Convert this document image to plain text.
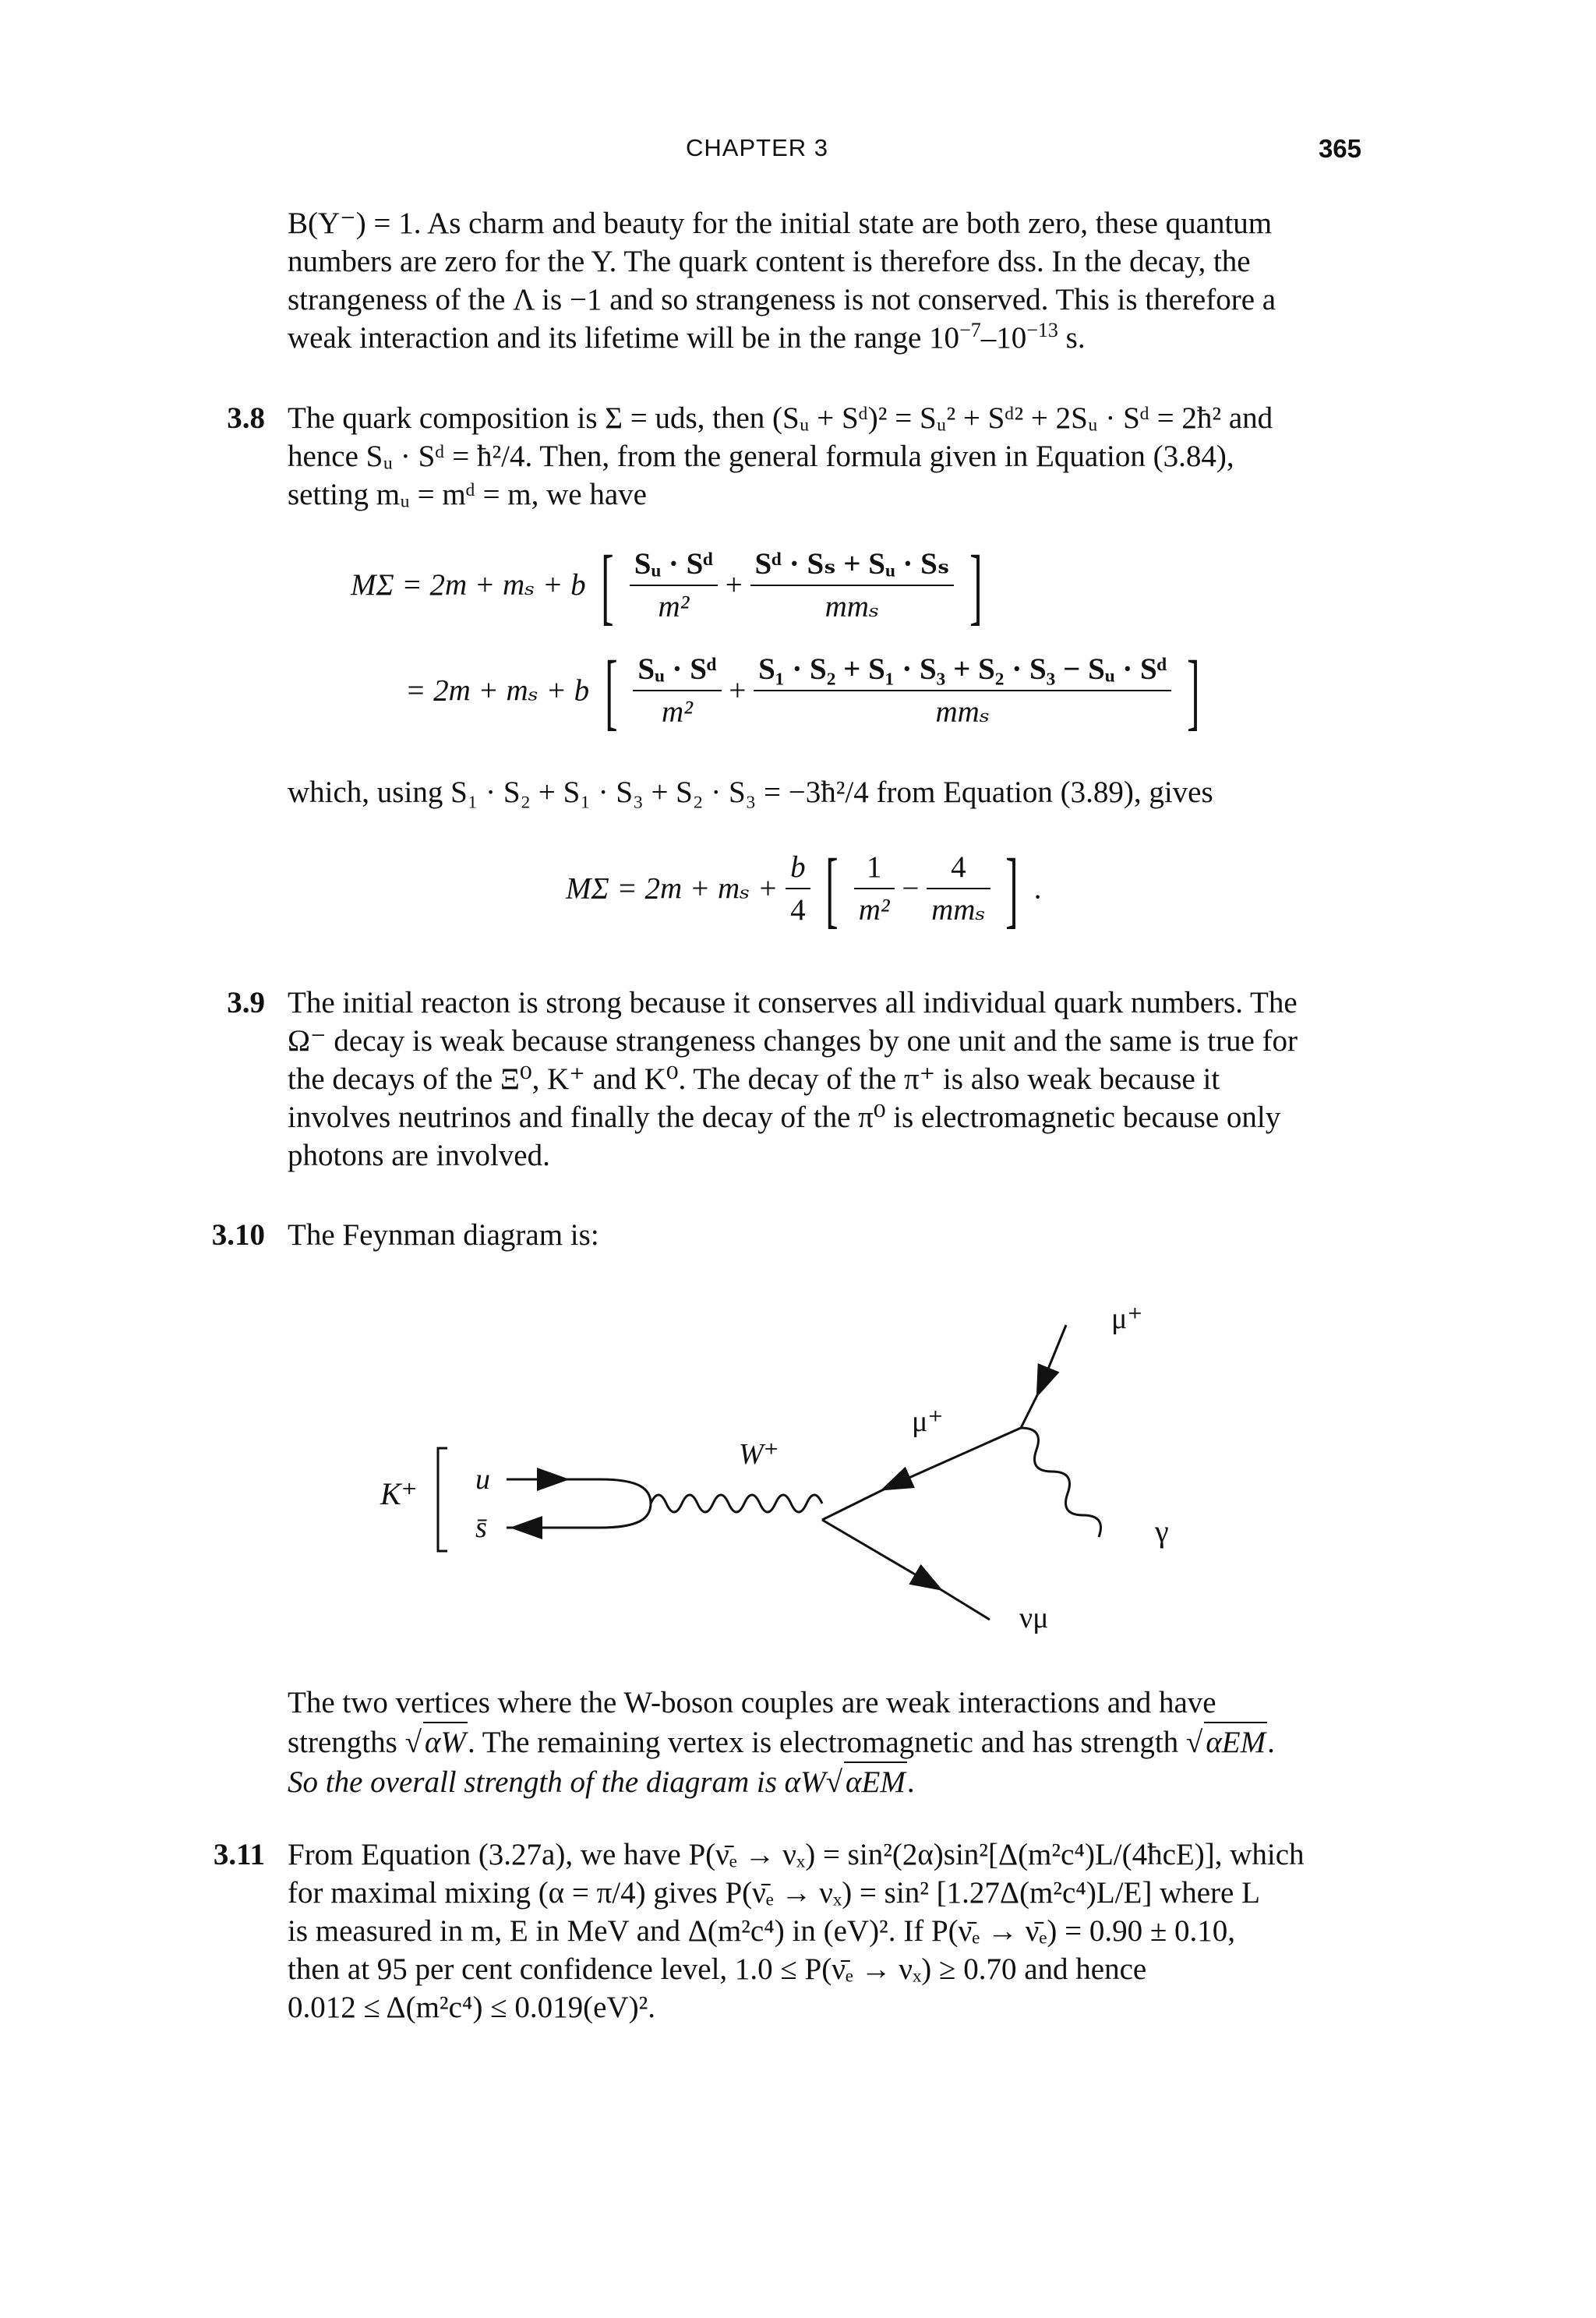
CHAPTER 3	365
B(Y⁻) = 1. As charm and beauty for the initial state are both zero, these quantum
numbers are zero for the Y. The quark content is therefore dss. In the decay, the
strangeness of the Λ is −1 and so strangeness is not conserved. This is therefore a
weak interaction and its lifetime will be in the range $10^{-7}-10^{-13}$ s.
3.8 The quark composition is Σ = uds, then (Sᵤ + Sᵈ)² = Sᵤ² + Sᵈ² + 2Sᵤ · Sᵈ = 2ħ² and
hence Sᵤ · Sᵈ = ħ²/4. Then, from the general formula given in Equation (3.84),
setting mᵤ = mᵈ = m, we have
MΣ = 2m + mₛ + b [ $\frac{\text{Sᵤ · Sᵈ}}{\text{m²}} + \frac{\text{Sᵈ · Sₛ + Sᵤ · Sₛ}}{\text{mmₛ}}$ ]
= 2m + mₛ + b [ $\frac{\text{Sᵤ · Sᵈ}}{\text{m²}} + \frac{\text{S₁ · S₂ + S₁ · S₃ + S₂ · S₃ − Sᵤ · Sᵈ}}{\text{mmₛ}}$ ]
which, using S₁ · S₂ + S₁ · S₃ + S₂ · S₃ = −3ħ²/4 from Equation (3.89), gives
$M\Sigma = 2m + m_s + \frac{b}{4}$ [ $\frac{1}{\text{m²}} - \frac{4}{\text{mmₛ}}$ ] .
3.9 The initial reacton is strong because it conserves all individual quark numbers. The
Ω⁻ decay is weak because strangeness changes by one unit and the same is true for
the decays of the Ξ⁰, K⁺ and K⁰. The decay of the π⁺ is also weak because it
involves neutrinos and finally the decay of the π⁰ is electromagnetic because only
photons are involved.
3.10 The Feynman diagram is:
K⁺ u
s̄
W⁺
μ⁺
μ⁺
γ
νμ
The two vertices where the W-boson couples are weak interactions and have
strengths √ αW. The remaining vertex is electromagnetic and has strength √ αEM.
So the overall strength of the diagram is αW√ αEM.
3.11 From Equation (3.27a), we have P(ν̄ₑ → νₓ) = sin²(2α)sin²[Δ(m²c⁴)L/(4ħcE)], which
for maximal mixing (α = π/4) gives P(ν̄ₑ → νₓ) = sin² [1.27Δ(m²c⁴)L/E] where L
is measured in m, E in MeV and Δ(m²c⁴) in (eV)². If P(ν̄ₑ → ν̄ₑ) = 0.90 ± 0.10,
then at 95 per cent confidence level, 1.0 ≤ P(ν̄ₑ → νₓ) ≥ 0.70 and hence
0.012 ≤ Δ(m²c⁴) ≤ 0.019(eV)².
